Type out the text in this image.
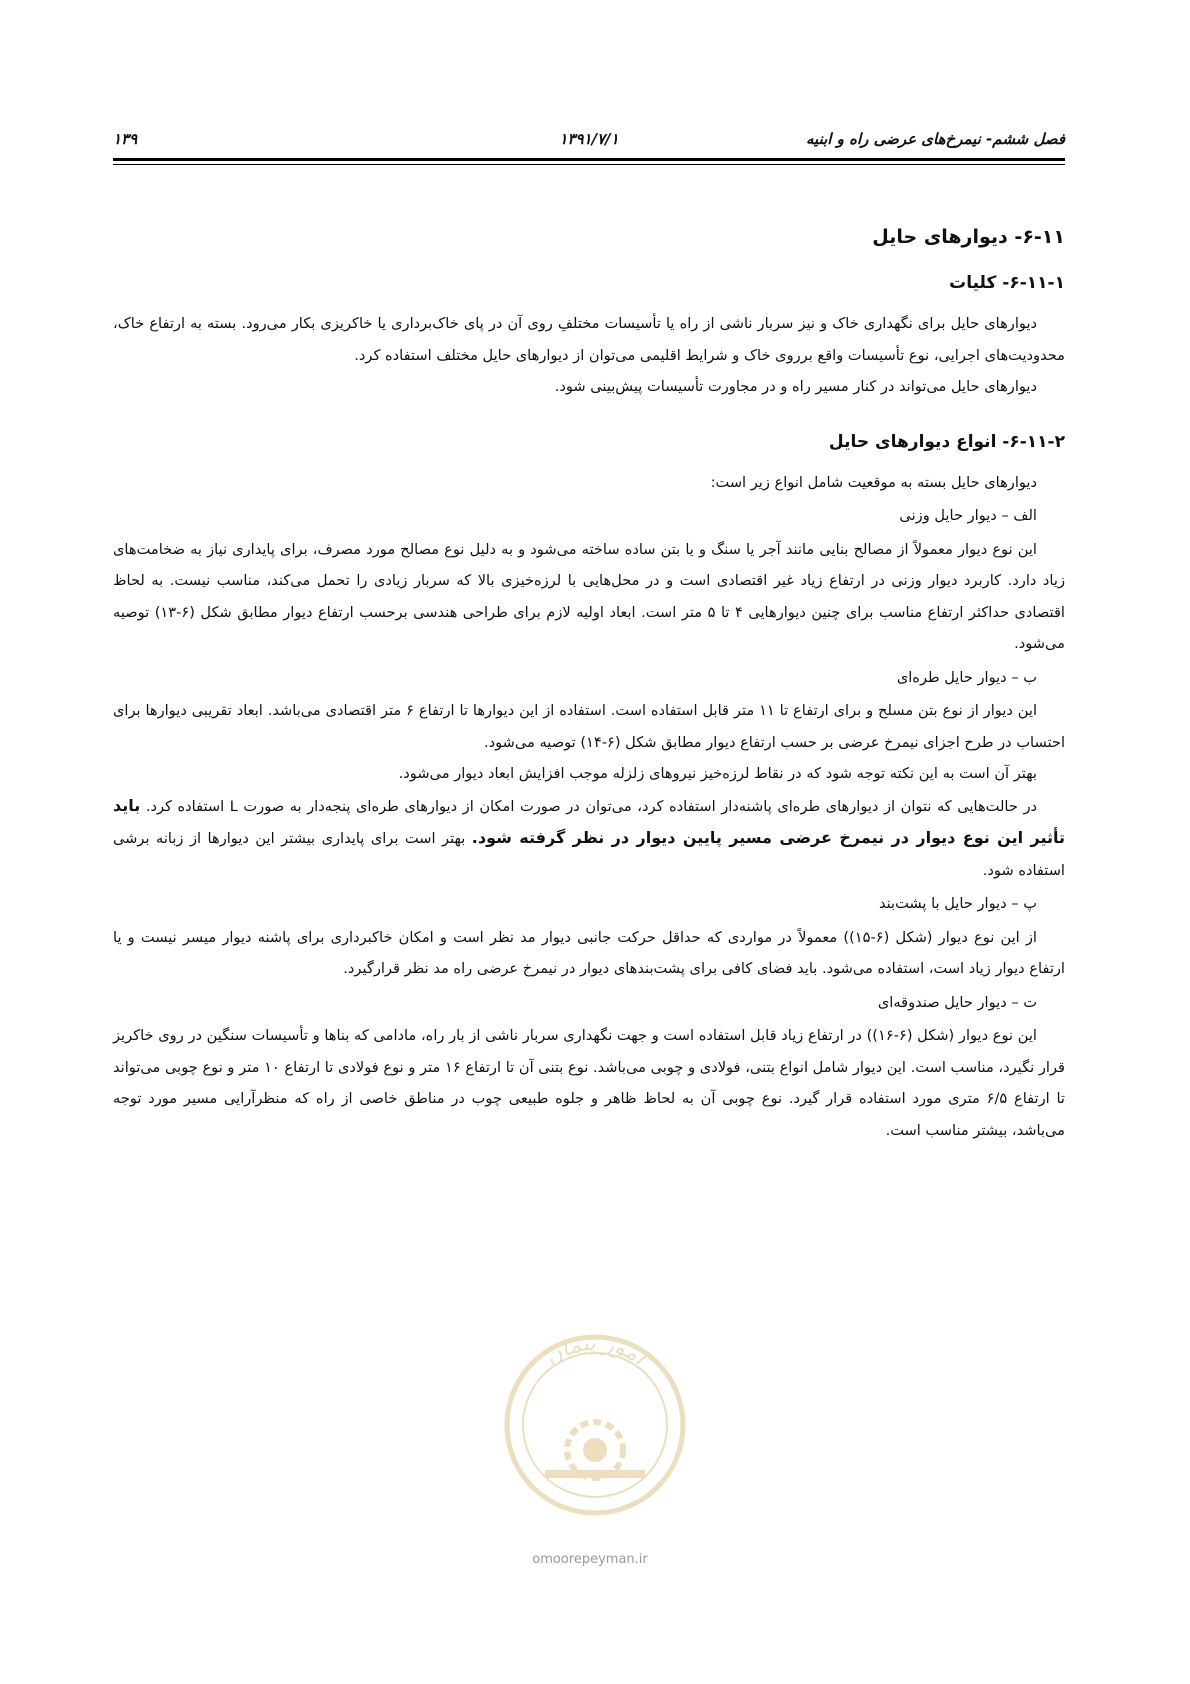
فصل ششم- نیمرخ‌های عرضی راه و ابنیه
۱۳۹۱/۷/۱
۱۳۹
۶-۱۱- دیوارهای حایل
۶-۱۱-۱- کلیات

دیوارهای حایل برای نگهداری خاک و نیز سربار ناشی از راه یا تأسیسات مختلفِ روی آن در پای خاک‌برداری یا خاکریزی بکار می‌رود. بسته به ارتفاع خاک، محدودیت‌های اجرایی، نوع تأسیسات واقع برروی خاک و شرایط اقلیمی می‌توان از دیوارهای حایل مختلف استفاده کرد.

دیوارهای حایل می‌تواند در کنار مسیر راه و در مجاورت تأسیسات پیش‌بینی شود.

۶-۱۱-۲- انواع دیوارهای حایل

دیوارهای حایل بسته به موقعیت شامل انواع زیر است:

الف – دیوار حایل وزنی

این نوع دیوار معمولاً از مصالح بنایی مانند آجر یا سنگ و یا بتن ساده ساخته می‌شود و به دلیل نوع مصالح مورد مصرف، برای پایداری نیاز به ضخامت‌های زیاد دارد. کاربرد دیوار وزنی در ارتفاع زیاد غیر اقتصادی است و در محل‌هایی با لرزه‌خیزی بالا که سربار زیادی را تحمل می‌کند، مناسب نیست. به لحاظ اقتصادی حداکثر ارتفاع مناسب برای چنین دیوارهایی ۴ تا ۵ متر است. ابعاد اولیه لازم برای طراحی هندسی برحسب ارتفاع دیوار مطابق شکل (۶-۱۳) توصیه می‌شود.

ب – دیوار حایل طره‌ای

این دیوار از نوع بتن مسلح و برای ارتفاع تا ۱۱ متر قابل استفاده است. استفاده از این دیوارها تا ارتفاع ۶ متر اقتصادی می‌باشد. ابعاد تقریبی دیوارها برای احتساب در طرح اجزای نیمرخ عرضی بر حسب ارتفاع دیوار مطابق شکل (۶-۱۴) توصیه می‌شود.

بهتر آن است به این نکته توجه شود که در نقاط لرزه‌خیز نیروهای زلزله موجب افزایش ابعاد دیوار می‌شود.

در حالت‌هایی که نتوان از دیوارهای طره‌ای پاشنه‌دار استفاده کرد، می‌توان در صورت امکان از دیوارهای طره‌ای پنجه‌دار به صورت L استفاده کرد. باید تأثیر این نوع دیوار در نیمرخ عرضی مسیر پایین دیوار در نظر گرفته شود. بهتر است برای پایداری بیشتر این دیوارها از زبانه برشی استفاده شود.

پ – دیوار حایل با پشت‌بند

از این نوع دیوار (شکل (۶-۱۵)) معمولاً در مواردی که حداقل حرکت جانبی دیوار مد نظر است و امکان خاکبرداری برای پاشنه دیوار میسر نیست و یا ارتفاع دیوار زیاد است، استفاده می‌شود. باید فضای کافی برای پشت‌بندهای دیوار در نیمرخ عرضی راه مد نظر قرارگیرد.

ت – دیوار حایل صندوقه‌ای

این نوع دیوار (شکل (۶-۱۶)) در ارتفاع زیاد قابل استفاده است و جهت نگهداری سربار ناشی از بار راه، مادامی که بناها و تأسیسات سنگین در روی خاکریز قرار نگیرد، مناسب است. این دیوار شامل انواع بتنی، فولادی و چوبی می‌باشد. نوع بتنی آن تا ارتفاع ۱۶ متر و نوع فولادی تا ارتفاع ۱۰ متر و نوع چوبی می‌تواند تا ارتفاع ۶/۵ متری مورد استفاده قرار گیرد. نوع چوبی آن به لحاظ ظاهر و جلوه طبیعی چوب در مناطق خاصی از راه که منظرآرایی مسیر مورد توجه می‌باشد، بیشتر مناسب است.

امور پیمان
omoorepeyman.ir
